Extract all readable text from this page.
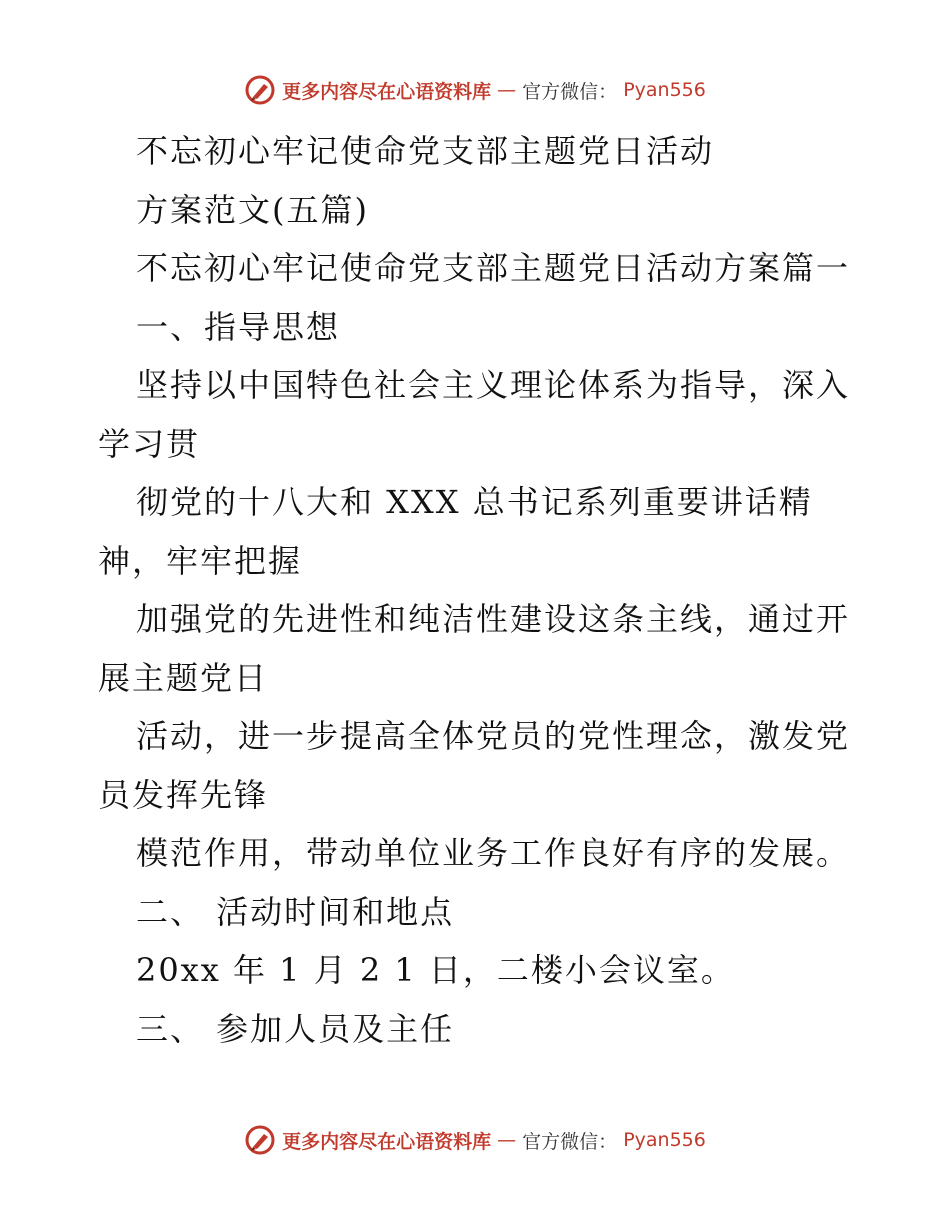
更多内容尽在心语资料库 — 官方微信： Pyan556
不忘初心牢记使命党支部主题党日活动
方案范文(五篇)
不忘初心牢记使命党支部主题党日活动方案篇一
一、指导思想
坚持以中国特色社会主义理论体系为指导，深入
学习贯
彻党的十八大和 XXX 总书记系列重要讲话精
神，牢牢把握
加强党的先进性和纯洁性建设这条主线，通过开
展主题党日
活动，进一步提高全体党员的党性理念，激发党
员发挥先锋
模范作用，带动单位业务工作良好有序的发展。
二、 活动时间和地点
20xx 年 1 月 2 1 日，二楼小会议室。
三、 参加人员及主任
更多内容尽在心语资料库 — 官方微信： Pyan556
